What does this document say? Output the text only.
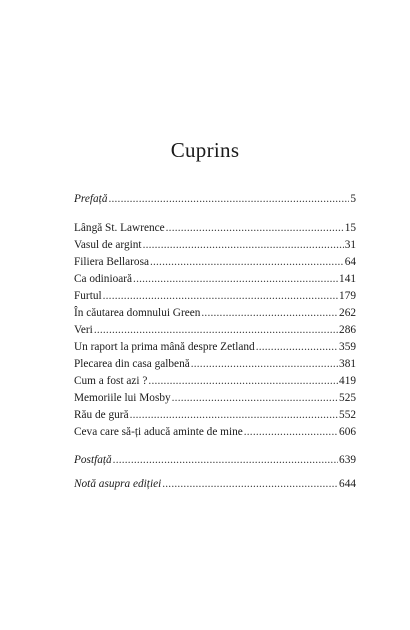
Cuprins
Prefață .....	5
Lângă St. Lawrence .....	15
Vasul de argint .....	31
Filiera Bellarosa .....	64
Ca odinioară .....	141
Furtul .....	179
În căutarea domnului Green .....	262
Veri .....	286
Un raport la prima mână despre Zetland .....	359
Plecarea din casa galbenă .....	381
Cum a fost azi ? .....	419
Memoriile lui Mosby .....	525
Rău de gură .....	552
Ceva care să-ți aducă aminte de mine .....	606
Postfață .....	639
Notă asupra ediției .....	644
